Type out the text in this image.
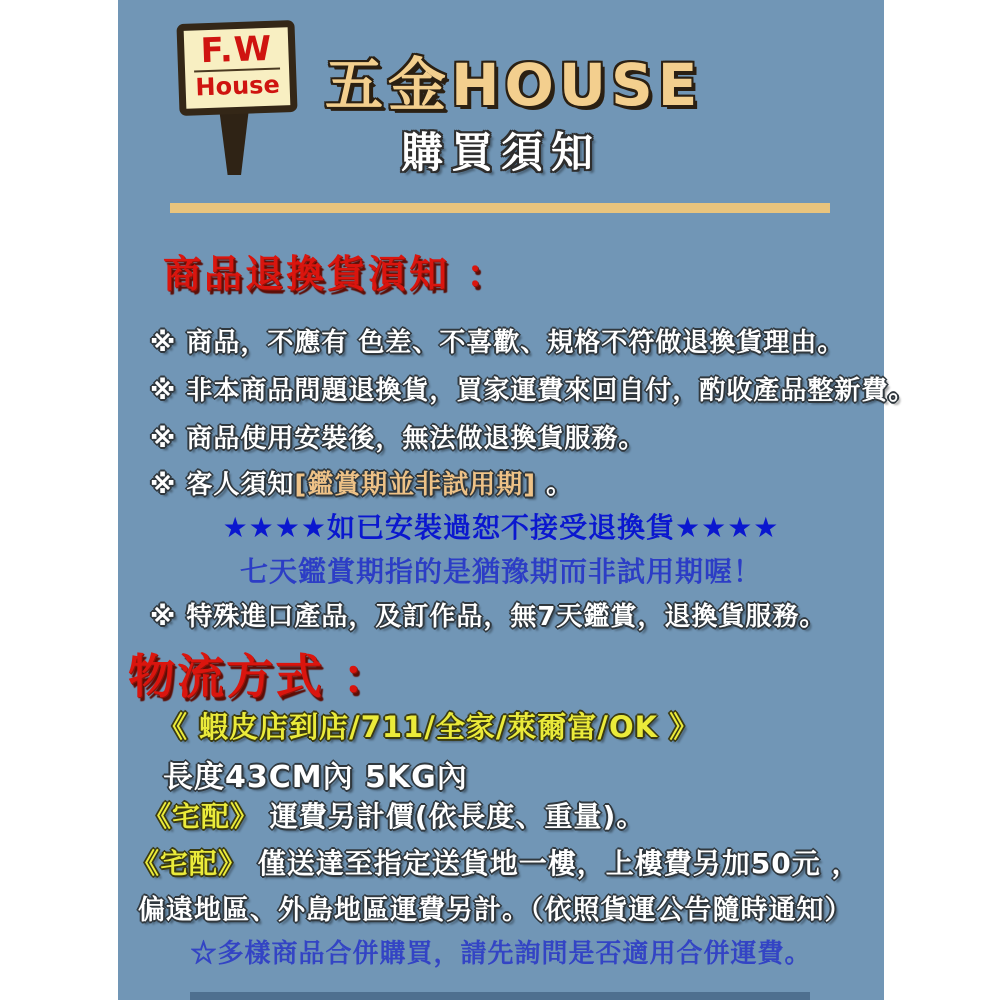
F.W
House 五金HOUSE
購買須知
商品退換貨湏知 ：
※ 商品，不應有 色差、不喜歡、規格不符做退換貨理由。
※ 非本商品問題退換貨，買家運費來回自付，酌收產品整新費。
※ 商品使用安裝後，無法做退換貨服務。
※ 客人須知[鑑賞期並非試用期] 。
★★★★如已安裝過恕不接受退換貨★★★★
七天鑑賞期指的是猶豫期而非試用期喔！
※ 特殊進口產品，及訂作品，無7天鑑賞，退換貨服務。
物流方式 ：
《 蝦皮店到店/711/全家/萊爾富/OK 》
長度43CM內 5KG內
《宅配》 運費另計價(依長度、重量)。
《宅配》 僅送達至指定送貨地一樓，上樓費另加50元 ，
偏遠地區、外島地區運費另計。（依照貨運公告隨時通知）
☆多樣商品合併購買，請先詢問是否適用合併運費。
